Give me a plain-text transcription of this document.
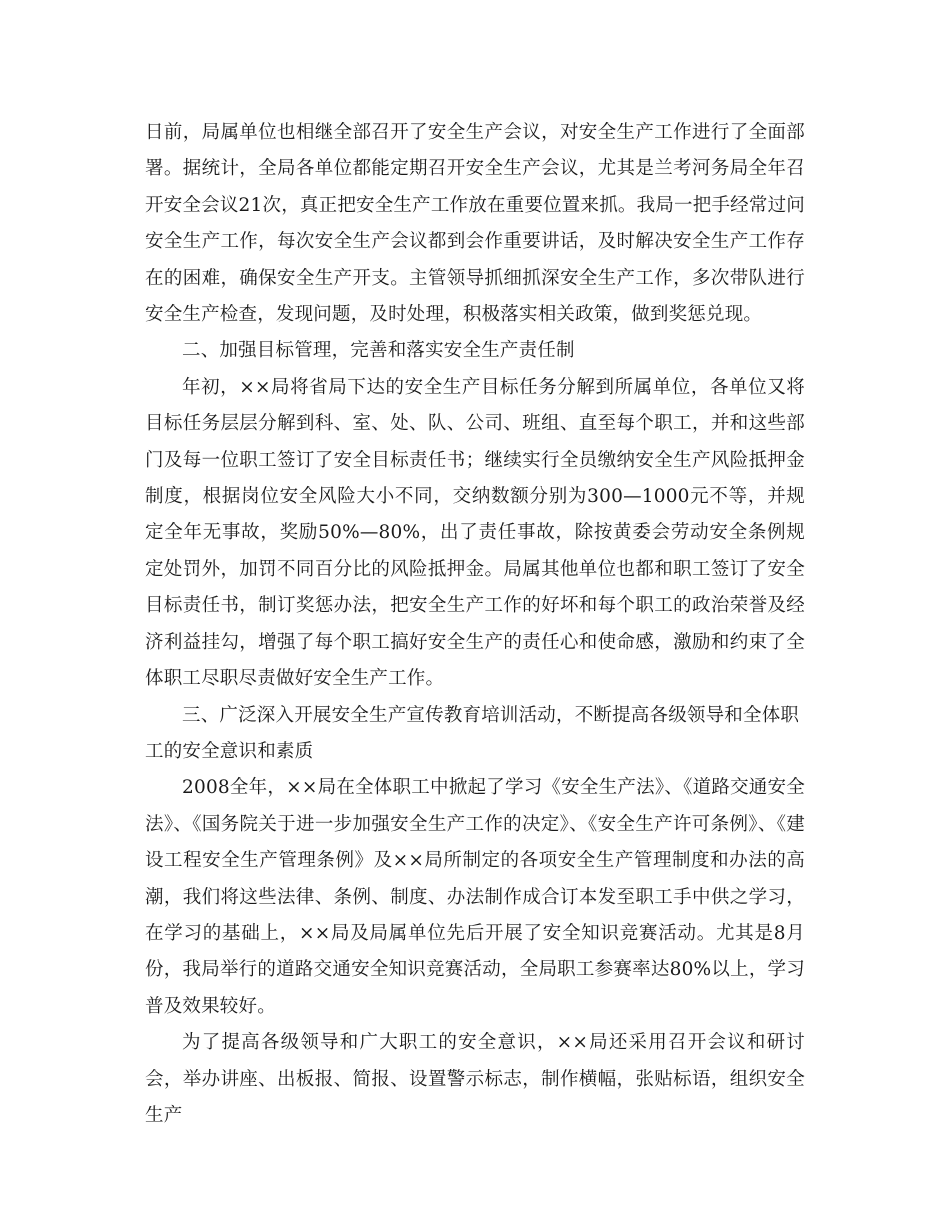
日前，局属单位也相继全部召开了安全生产会议，对安全生产工作进行了全面部署。据统计，全局各单位都能定期召开安全生产会议，尤其是兰考河务局全年召开安全会议21次，真正把安全生产工作放在重要位置来抓。我局一把手经常过问安全生产工作，每次安全生产会议都到会作重要讲话，及时解决安全生产工作存在的困难，确保安全生产开支。主管领导抓细抓深安全生产工作，多次带队进行安全生产检查，发现问题，及时处理，积极落实相关政策，做到奖惩兑现。

二、加强目标管理，完善和落实安全生产责任制

年初，××局将省局下达的安全生产目标任务分解到所属单位，各单位又将目标任务层层分解到科、室、处、队、公司、班组、直至每个职工，并和这些部门及每一位职工签订了安全目标责任书；继续实行全员缴纳安全生产风险抵押金制度，根据岗位安全风险大小不同，交纳数额分别为300—1000元不等，并规定全年无事故，奖励50%—80%，出了责任事故，除按黄委会劳动安全条例规定处罚外，加罚不同百分比的风险抵押金。局属其他单位也都和职工签订了安全目标责任书，制订奖惩办法，把安全生产工作的好坏和每个职工的政治荣誉及经济利益挂勾，增强了每个职工搞好安全生产的责任心和使命感，激励和约束了全体职工尽职尽责做好安全生产工作。

三、广泛深入开展安全生产宣传教育培训活动，不断提高各级领导和全体职工的安全意识和素质

2008全年，××局在全体职工中掀起了学习《安全生产法》、《道路交通安全法》、《国务院关于进一步加强安全生产工作的决定》、《安全生产许可条例》、《建设工程安全生产管理条例》及××局所制定的各项安全生产管理制度和办法的高潮，我们将这些法律、条例、制度、办法制作成合订本发至职工手中供之学习，在学习的基础上，××局及局属单位先后开展了安全知识竞赛活动。尤其是8月份，我局举行的道路交通安全知识竞赛活动，全局职工参赛率达80%以上，学习普及效果较好。

为了提高各级领导和广大职工的安全意识，××局还采用召开会议和研讨会，举办讲座、出板报、简报、设置警示标志，制作横幅，张贴标语，组织安全生产
